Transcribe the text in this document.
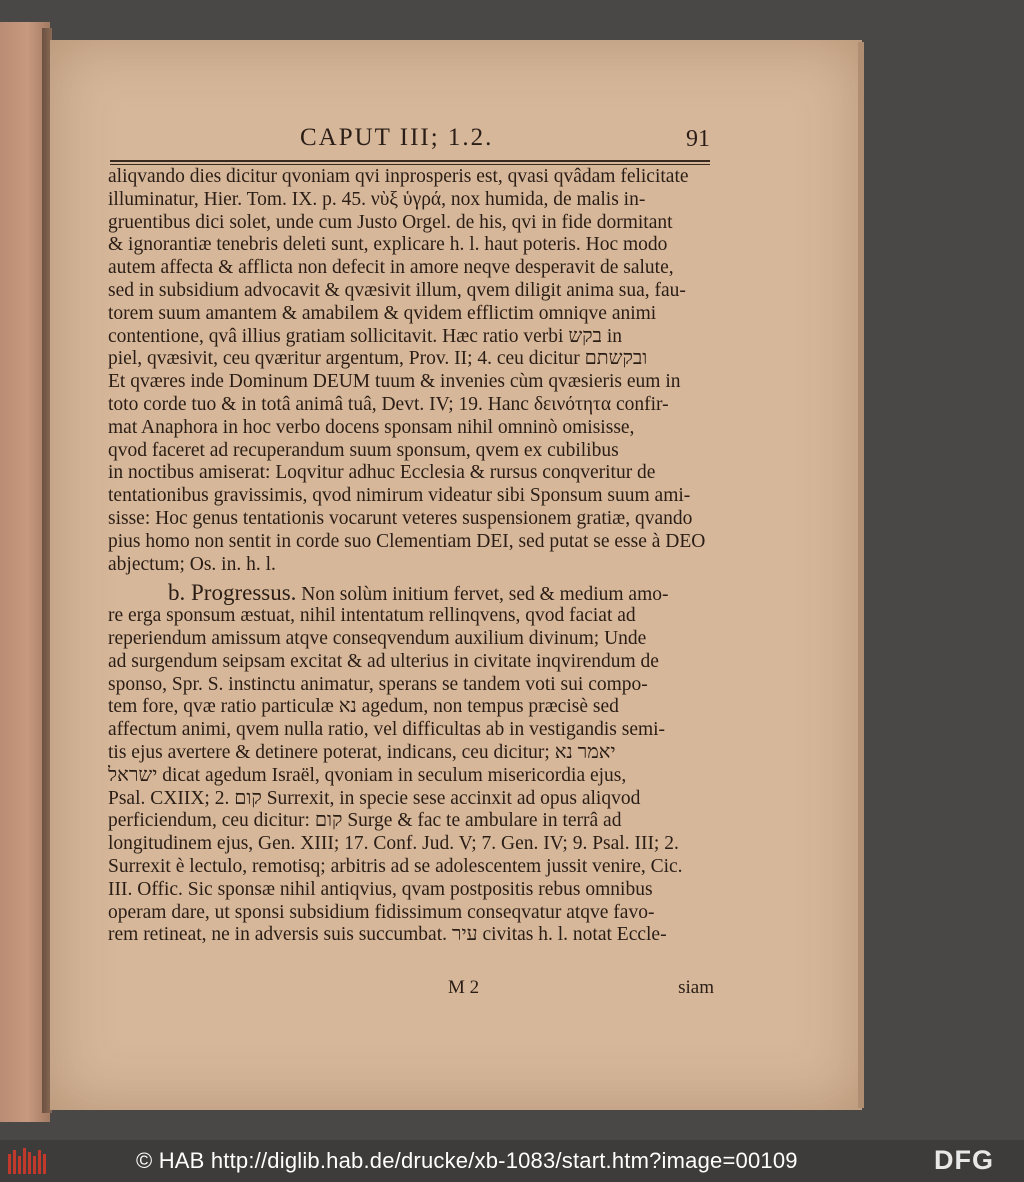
CAPUT III; 1.2.	91
aliqvando dies dicitur qvoniam qvi inprosperis est, qvasi qvâdam felicitate
illuminatur, Hier. Tom. IX. p. 45. νὺξ ὑγρά, nox humida, de malis in-
gruentibus dici solet, unde cum Justo Orgel. de his, qvi in fide dormitant
& ignorantiæ tenebris deleti sunt, explicare h. l. haut poteris. Hoc modo
autem affecta & afflicta non defecit in amore neqve desperavit de salute,
sed in subsidium advocavit & qvæsivit illum, qvem diligit anima sua, fau-
torem suum amantem & amabilem & qvidem efflictim omniqve animi
contentione, qvâ illius gratiam sollicitavit. Hæc ratio verbi בקש in
piel, qvæsivit, ceu qværitur argentum, Prov. II; 4. ceu dicitur ובקשתם
Et qværes inde Dominum DEUM tuum & invenies cùm qvæsieris eum in
toto corde tuo & in totâ animâ tuâ, Devt. IV; 19. Hanc δεινότητα confir-
mat Anaphora in hoc verbo docens sponsam nihil omninò omisisse,
qvod faceret ad recuperandum suum sponsum, qvem ex cubilibus
in noctibus amiserat: Loqvitur adhuc Ecclesia & rursus conqveritur de
tentationibus gravissimis, qvod nimirum videatur sibi Sponsum suum ami-
sisse: Hoc genus tentationis vocarunt veteres suspensionem gratiæ, qvando
pius homo non sentit in corde suo Clementiam DEI, sed putat se esse à DEO
abjectum; Os. in. h. l.
b. Progressus. Non solùm initium fervet, sed & medium amo-
re erga sponsum æstuat, nihil intentatum rellinqvens, qvod faciat ad
reperiendum amissum atqve conseqvendum auxilium divinum; Unde
ad surgendum seipsam excitat & ad ulterius in civitate inqvirendum de
sponso, Spr. S. instinctu animatur, sperans se tandem voti sui compo-
tem fore, qvæ ratio particulæ נא agedum, non tempus præcisè sed
affectum animi, qvem nulla ratio, vel difficultas ab in vestigandis semi-
tis ejus avertere & detinere poterat, indicans, ceu dicitur; יאמר נא
ישראל dicat agedum Israël, qvoniam in seculum misericordia ejus,
Psal. CXIIX; 2. קום Surrexit, in specie sese accinxit ad opus aliqvod
perficiendum, ceu dicitur: קום Surge & fac te ambulare in terrâ ad
longitudinem ejus, Gen. XIII; 17. Conf. Jud. V; 7. Gen. IV; 9. Psal. III; 2.
Surrexit è lectulo, remotisq; arbitris ad se adolescentem jussit venire, Cic.
III. Offic. Sic sponsæ nihil antiqvius, qvam postpositis rebus omnibus
operam dare, ut sponsi subsidium fidissimum conseqvatur atqve favo-
rem retineat, ne in adversis suis succumbat. עיר civitas h. l. notat Eccle-
M 2	siam
© HAB http://diglib.hab.de/drucke/xb-1083/start.htm?image=00109	DFG
